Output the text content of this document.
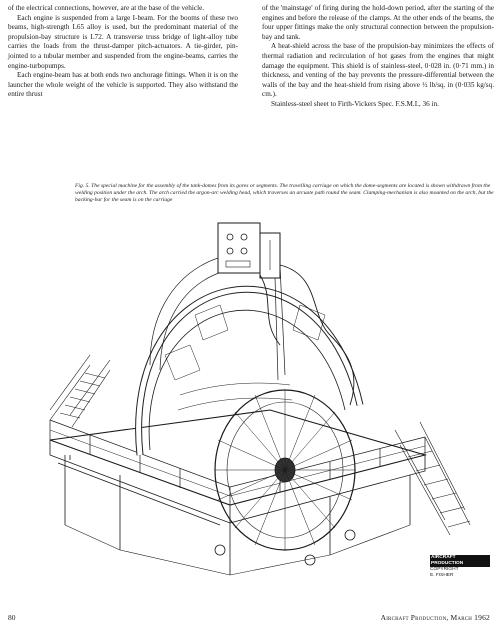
of the electrical connections, however, are at the base of the vehicle.

Each engine is suspended from a large I-beam. For the booms of these two beams, high-strength L65 alloy is used, but the predominant material of the propulsion-bay structure is L72. A transverse truss bridge of light-alloy tube carries the loads from the thrust-damper pitch-actuators. A tie-girder, pin-jointed to a tubular member and suspended from the engine-beams, carries the engine-turbopumps.

Each engine-beam has at both ends two anchorage fittings. When it is on the launcher the whole weight of the vehicle is supported. They also withstand the entire thrust

of the 'mainstage' of firing during the hold-down period, after the starting of the engines and before the release of the clamps. At the other ends of the beams, the four upper fittings make the only structural connection between the propulsion-bay and tank.

A heat-shield across the base of the propulsion-bay minimizes the effects of thermal radiation and recirculation of hot gases from the engines that might damage the equipment. This shield is of stainless-steel, 0·028 in. (0·71 mm.) in thickness, and venting of the bay prevents the pressure-differential between the walls of the bay and the heat-shield from rising above ½ lb/sq. in (0·035 kg/sq. cm.).

Stainless-steel sheet to Firth-Vickers Spec. F.S.M.I., 36 in.

Fig. 5. The special machine for the assembly of the tank-domes from its gores or segments. The travelling carriage on which the dome-segments are located is shown withdrawn from the welding position under the arch. The arch carried the argon-arc welding head, which traverses an arcuate path round the seam. Clamping-mechanism is also mounted on the arch, but the backing-bar for the seam is on the carriage

AIRCRAFT PRODUCTION
COPYRIGHT
E. FISHER
80	Aircraft Production, March 1962
